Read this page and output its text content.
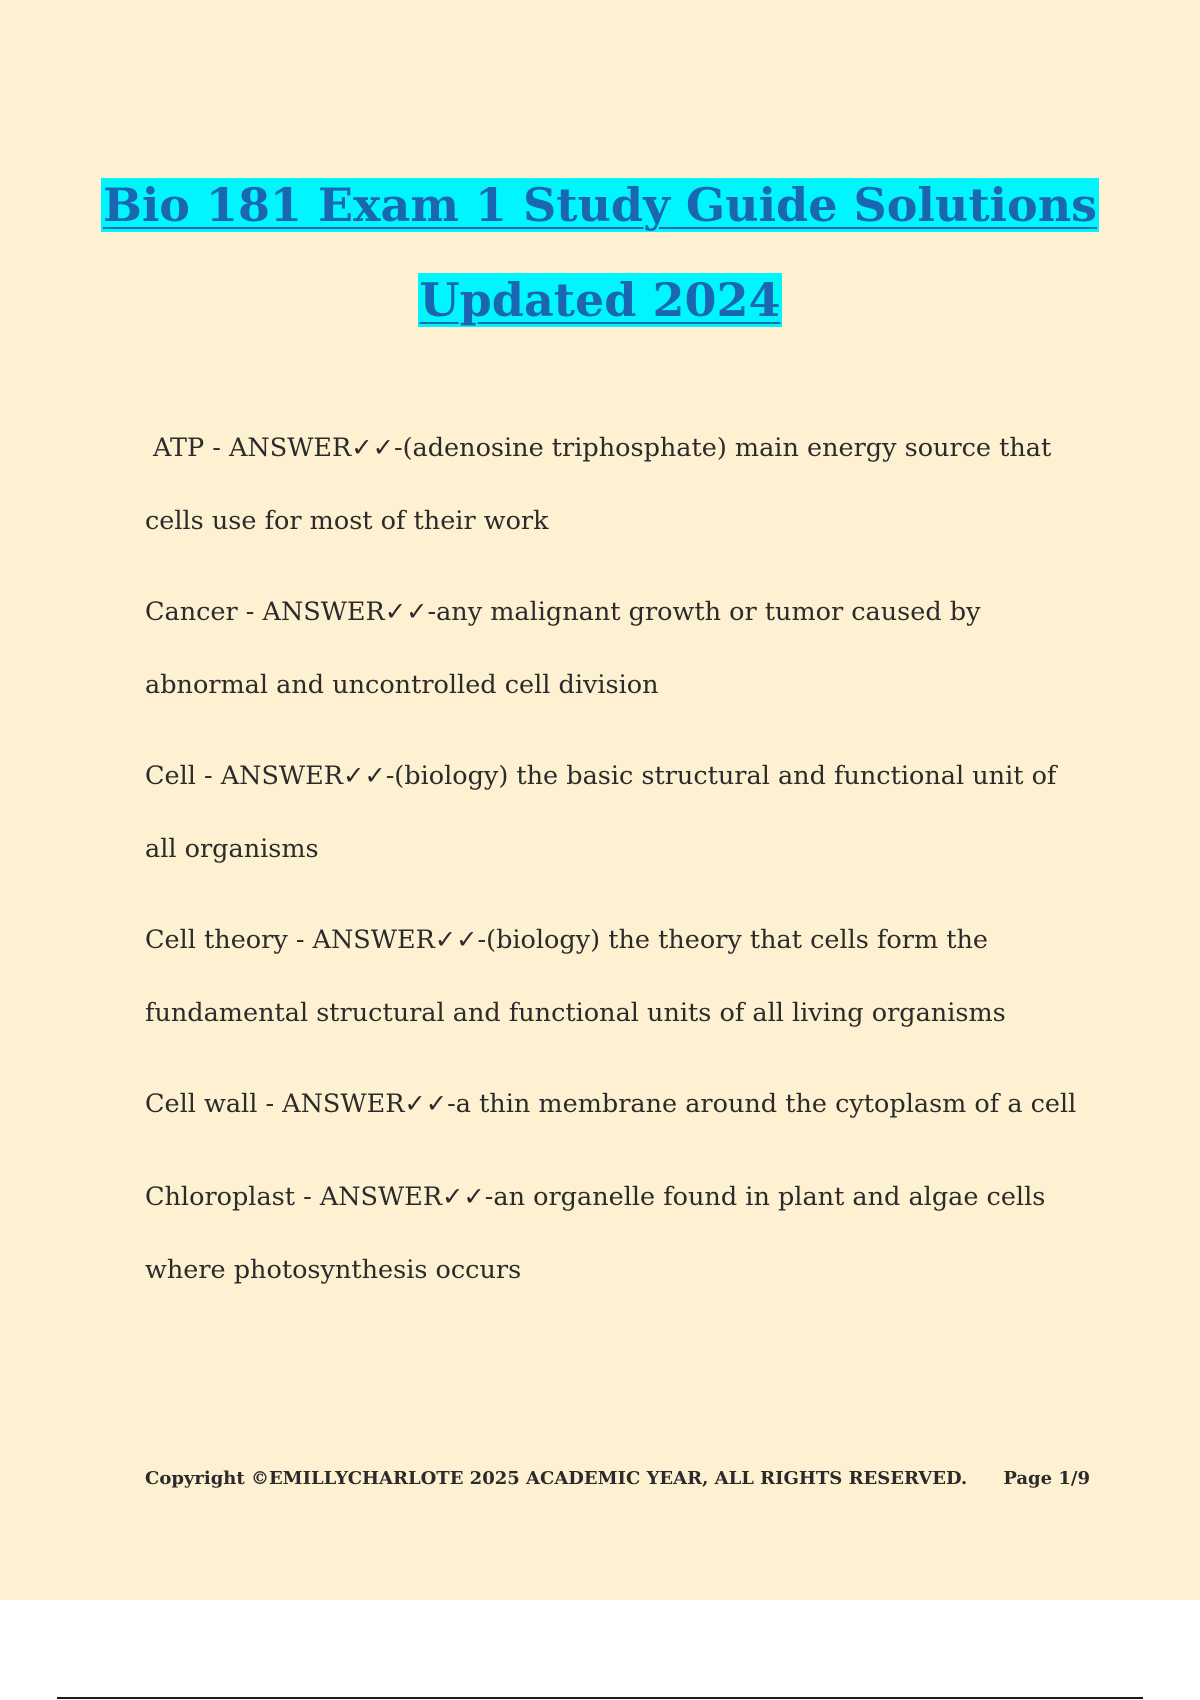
Bio 181 Exam 1 Study Guide Solutions
Updated 2024
ATP - ANSWER✓✓-(adenosine triphosphate) main energy source that cells use for most of their work
Cancer - ANSWER✓✓-any malignant growth or tumor caused by abnormal and uncontrolled cell division
Cell - ANSWER✓✓-(biology) the basic structural and functional unit of all organisms
Cell theory - ANSWER✓✓-(biology) the theory that cells form the fundamental structural and functional units of all living organisms
Cell wall - ANSWER✓✓-a thin membrane around the cytoplasm of a cell
Chloroplast - ANSWER✓✓-an organelle found in plant and algae cells where photosynthesis occurs
Copyright ©EMILLYCHARLOTE 2025 ACADEMIC YEAR, ALL RIGHTS RESERVED. Page 1/9
